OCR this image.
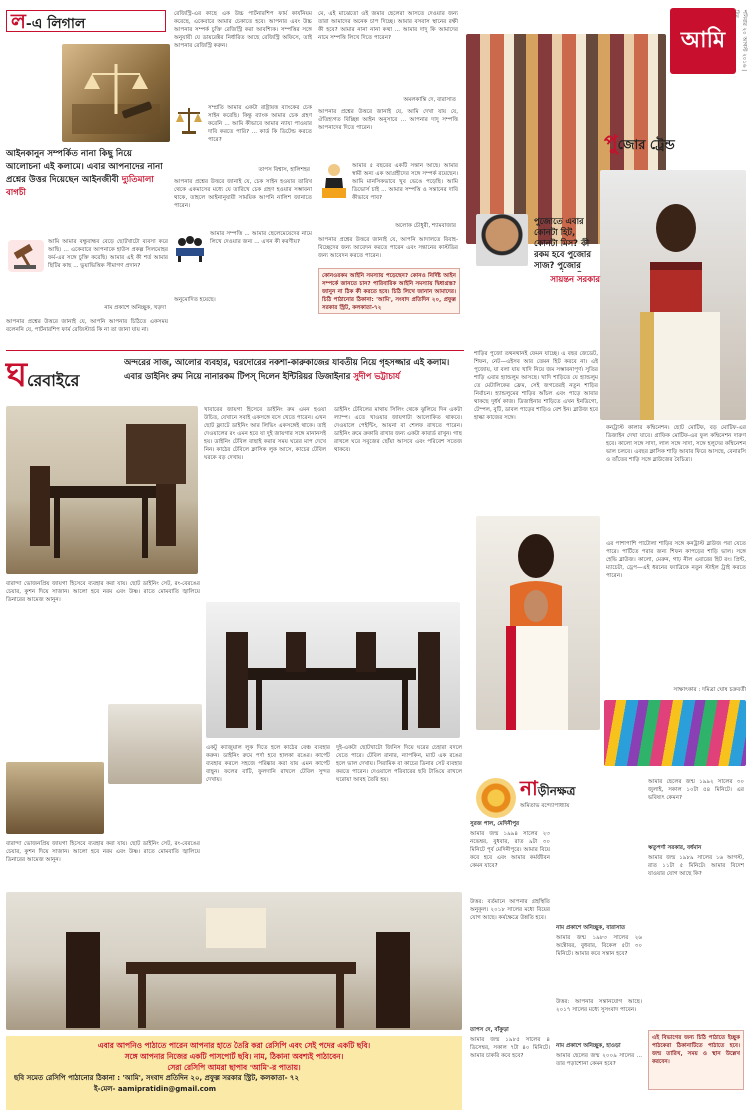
ল-এ লিগাল
আইনকানুন সম্পর্কিত নানা কিছু নিয়ে আলোচনা এই কলামে। এবার আপনাদের নানা প্রশ্নের উত্তর দিয়েছেন আইনজীবী দ্যুতিমালা বাগচী
আমি আমার বন্ধুবান্ধব বেড়ে ছোটখাটো ব্যবসা করে আছি। ... একেবারে আপনাকে হাউস প্রকল্প সিলমোহর ফর্ম-এর সঙ্গে চুক্তি করেছি। আমার এই কী শর্ত আমার ছিটির কাছ ... ভুয়াভিত্তিক সীমাগণ প্রদান?
নাম প্রকাশে অনিচ্ছুক, খড়দা
আপনার প্রশ্নের উত্তরে জানাই যে, আপনি আপনার চিঠিতে একসময় বলেননি যে, পার্টনারশিপ ফার্ম রেজিস্টার্ড কি না তা জানা যায় না।
রেজিস্ট্রি-এর কাছে এক উচ্চ পার্টনারশিপ ফার্ম কাৰ্যনিয়ম করেছে, একেবারে আমার চেকাতে হবে। আপনার এবং উচ্চ আপনার সম্পর্ক চুক্তি রেজিস্ট্রি করা আবশ্যিক। সম্পত্তির সঙ্গে অনুযায়ী যে ডায়রেক্টর নির্ধারিত আছে রেজিস্ট্রি অফিসে, তাই আপনার রেজিস্ট্রি করুন।
সম্প্রতি আমার একটা রাষ্ট্রায়ত্ত ব্যাংকের চেক সাইন করেছি। কিন্তু ব্যাংক আমার চেক গ্রহণ করেনি ... আমি কীভাবে আমার ন্যায্য পাওয়ার দাবি করতে পারি? ... কার্ড কি ডিটেল্ড করতে পারে?
তাপস বিশ্বাস, হালিশহর
আপনার প্রশ্নের উত্তরে জানাই যে, চেক সাইন হওয়ার তারিখ থেকে একমাসের মধ্যে যে তারিখে চেক গ্রহণ হওয়ার সম্ভাবনা থাকে, তাহলে আইনানুযায়ী সাময়িক আপনি নালিশ জানাতে পারেন।
আমার সম্পত্তি ... আমার ছেলেমেয়েদের নামে লিখে দেওয়ার জন্য ... এখন কী করণীয়?
অনুমোদিত হয়েছে।
মে, এই মাঝেতো ওই জমার ছেলেরা আসতে দেওয়ার জন্য তারা আমাদের অনেক চাপ দিচ্ছে। আমার বসবাস স্থানের রক্ষী কী হবে? আমার নানা নানা কথা ... আমার দাদু কি আমাদের নামে সম্পত্তি লিখে দিতে পারেন?
অমলকান্তি দে, বারাসাত
আপনার প্রশ্নের উত্তরে জানাই যে, আমি দেখা যায় যে, ঐতিহ্যগত বিচ্ছিন্ন আইন অনুসারে ... আপনার দাদু সম্পত্তি আপনাদের দিতে পারেন।
আমার ৫ বছরের একটি সন্তান আছে। আমার স্বামী অন্য এক আগ্রহীদের সঙ্গে সম্পর্ক রয়েছেন। আমি মানসিকভাবে খুব ভেঙে পড়েছি। আমি ডিভোর্স চাই ... আমার সম্পত্তি ও সন্তানের দাবি কীভাবে পাব?
অলোক চৌধুরী, শ্যামবাজার
আপনার প্রশ্নের উত্তরে জানাই যে, আপনি আদালতে বিবাহ-বিচ্ছেদের জন্য আবেদন করতে পারেন এবং সন্তানের কাস্টডির জন্য আবেদন করতে পারেন।
কোনওরকম আইনি সমস্যায় পড়েছেন? কোনও নির্দিষ্ট আইন সম্পর্কে জানতে চান? পারিবারিক আইনি সমস্যায় দ্বিধাগ্রস্ত? জানুন না ঠিক কী করতে হবে। চিঠি লিখে জানান আমাদের। চিঠি পাঠানোর ঠিকানা: 'আমি', সংবাদ প্রতিদিন ২০, প্রফুল্ল সরকার স্ট্রিট, কলকাতা-৭২
আমি	শনিবার ২০ আগস্ট ২০১৬ | দিন
পুজোর ট্রেন্ড
পুজোতে এবার কোনটা হিট, কোনটা মিস? কী রকম হবে পুজোর সাজ? পুজোর
সায়ন্তন সরকার
শাড়ির পুজো তথনথানই ফেমন যাচ্ছে। এ বছর জেডেট, শিফন, নেট—এইসব আর তেমন হিট করবে না। এই পুজোয়, যা বলা যায় খাদি নিয়ে জম সম্ভাবনাপূর্ণ। সুতির শাড়ি এবার হ্যান্ডলুম আসছে। খাদি শাড়িতে যে হ্যান্ডলুম তে মেটালিকের ফ্রেম, সেই জগতেরই নতুন শাড়ির নির্বাচন। হ্যান্ডলুমের শাড়ির আঁচল এবং পাড়ে আবার থাকছে দুর্ধর্ষ কাজ। ডিজাইনার শাড়িতে এখন ইনডিগো, টেম্পল, বুটি, ডাবল পাড়ের শাড়িও বেশ ইন। ব্লাউজ হবে হাল্কা কাজের সঙ্গে।
কনট্রাস্ট কালার কম্বিনেশন। ছোট মোটিফ, বড় মোটিফ-এর ডিজাইন দেখা যাবে। গ্রাফিক মোটিফ-এর ফুল কম্বিনেশন দারুণ হবে। কালো সঙ্গে সাদা, লাল সঙ্গে সাদা, সঙ্গে হলুদের কম্বিনেশন ভাল চলবে। এবছর ক্লাসিক শাড়ি আবার ফিরে আসছে, বেনারসি ও তাঁতের শাড়ি সঙ্গে ব্লাউজের বৈচিত্র্য।
এর পাশাপাশি পাটোলা শাড়ির সঙ্গে কনট্রাস্ট ব্লাউজ পরা যেতে পারে। পার্টিতে পরার জন্য শিফন কাপড়ের শাড়ি ভাল। সঙ্গে হেভি ব্লাউজ। কালো, মেরুন, গাঢ় নীল এবারের হিট রং। প্রিন্ট, ম্যাচেটা, ড্রেপ—এই ধরনের ফ্যাব্রিকে নতুন স্টাইল ট্রাই করতে পারেন।
সাক্ষাৎকার : দমিত্রা ঘোষ চক্রবর্তী
ঘরেবাইরে
অন্দরের সাজ, আলোর ব্যবহার, ঘরদোরের নকশা-কারুকাজের যাবতীয় নিয়ে গৃহসজ্জার এই কলাম। এবার ডাইনিং রুম নিয়ে নানারকম টিপস্‌ দিলেন ইন্টিরিয়র ডিজাইনার সুদীপ ভট্টাচার্য
খাবারের জায়গা হিসেবে ডাইনিং রুম এমন হওয়া উচিত, যেখানে সবাই একসঙ্গে বসে খেতে পারেন। এখন ছোট ফ্ল্যাটে ডাইনিং আর লিভিং একসঙ্গেই থাকে। তাই দেওয়ালের রং এমন হবে যা দুই জায়গার সঙ্গে মানানসই হয়। ডাইনিং টেবিল বাছাই করার সময় ঘরের মাপ দেখে নিন। কাঠের টেবিলে ক্লাসিক লুক আসে, কাচের টেবিল ঘরকে বড় দেখায়।
ডাইনিং টেবিলের মাথায় সিলিং থেকে ঝুলিয়ে দিন একটা ল্যাম্প। এতে খাওয়ার জায়গাটা আলোকিত থাকবে। দেওয়ালে পেইন্টিং, আয়না বা শেলফ রাখতে পারেন। ডাইনিং রুমে ক্রকারি রাখার জন্য একটা কাবার্ড রাখুন। গাছ রাখলে ঘরে সবুজের ছোঁয়া আসবে এবং পরিবেশ সতেজ থাকবে।
বারান্দা ভোজনপ্রিয় জায়গা হিসেবে ব্যবহার করা যায়। ছোট ডাইনিং সেট, রং-বেরঙের চেয়ার, কুশন দিয়ে সাজান। আলো হবে নরম এবং উষ্ণ। রাতে মোমবাতি জ্বালিয়ে ডিনারের আমেজ আনুন।
একটু ক্যাজুয়াল লুক দিতে হলে কাঠের বেঞ্চ ব্যবহার করুন। ডাইনিং রুমে পর্দা হবে হালকা রঙের। কার্পেট ব্যবহার করলে সহজে পরিষ্কার করা যায় এমন কার্পেট বাছুন। ফলের বাটি, ফুলদানি রাখলে টেবিল সুন্দর দেখায়।
দুই-একটা ছোটখাটো জিনিস দিয়ে ঘরের চেহারা বদলে যেতে পারে। টেবিল রানার, ন্যাপকিন, ম্যাট এক রঙের হলে ভাল দেখায়। সিরামিক বা কাচের ডিনার সেট ব্যবহার করতে পারেন। দেওয়ালে পরিবারের ছবি টাঙিয়ে রাখলে ঘরোয়া আবহ তৈরি হয়।
বারান্দা ভোজনপ্রিয় জায়গা হিসেবে ব্যবহার করা যায়। ছোট ডাইনিং সেট, রং-বেরঙের চেয়ার, কুশন দিয়ে সাজান। আলো হবে নরম এবং উষ্ণ। রাতে মোমবাতি জ্বালিয়ে ডিনারের আমেজ আনুন।
নাড়ীনক্ষত্র
অমিতাভ বন্দ্যোপাধ্যায়
সুরজ পাল, মেদিনীপুর
আমার জন্ম ১৯৯৪ সালের ২৩ নভেম্বর, বুধবার, রাত ৯টা ৩০ মিনিটে পূর্ব মেদিনীপুরে। আমার বিয়ে কবে হবে এবং আমার কর্মজীবন কেমন যাবে?
উত্তর: বর্তমানে আপনার গ্রহস্থিতি অনুকূল। ২০১৮ সালের মধ্যে বিয়ের যোগ আছে। কর্মক্ষেত্রে উন্নতি হবে।
তাপস দে, বাঁকুড়া
আমার জন্ম ১৯৮৫ সালের ৪ ডিসেম্বর, সকাল ৭টা ৪০ মিনিটে। আমার চাকরি কবে হবে?
নাম প্রকাশে অনিচ্ছুক, বারাসাত
আমার জন্ম ১৯৮৩ সালের ২৬ অক্টোবর, বুধবার, বিকেল ৫টা ৩০ মিনিটে। আমার কবে সন্তান হবে?
উত্তর: আপনার সন্তানযোগ আছে। ২০১৭ সালের মধ্যে সুসংবাদ পাবেন।
নাম প্রকাশে অনিচ্ছুক, হাওড়া
আমার ছেলের জন্ম ২০০৯ সালের ... তার পড়াশোনা কেমন হবে?
আমার ছেলের জন্ম ১৯৯২ সালের ৩০ জুলাই, সকাল ১০টা ৫৪ মিনিটে। এর ভবিষ্যৎ কেমন?
ঋতুপর্ণা সরকার, বর্ধমান
আমার জন্ম ১৯৮৯ সালের ১৬ আগস্ট, রাত ১১টা ৫ মিনিটে। আমার বিদেশ যাওয়ার যোগ আছে কি?
এই বিভাগের জন্য চিঠি পাঠাতে ইচ্ছুক পাঠকেরা ঠিকানাটিতে পাঠাতে হবে। জন্ম তারিখ, সময় ও স্থান উল্লেখ করবেন।
এবার আপনিও পাঠাতে পারেন আপনার হাতে তৈরি করা রেসিপি এবং সেই পদের একটি ছবি।
সঙ্গে আপনার নিজের একটি পাসপোর্ট ছবি। নাম, ঠিকানা অবশ্যই পাঠাবেন।
সেরা রেসিপি আমরা ছাপাব 'আমি'-র পাতায়।
ছবি সমেত রেসিপি পাঠানোর ঠিকানা : 'আমি', সংবাদ প্রতিদিন ২০, প্রফুল্ল সরকার স্ট্রিট, কলকাতা- ৭২
ই-মেল- aamipratidin@gmail.com
